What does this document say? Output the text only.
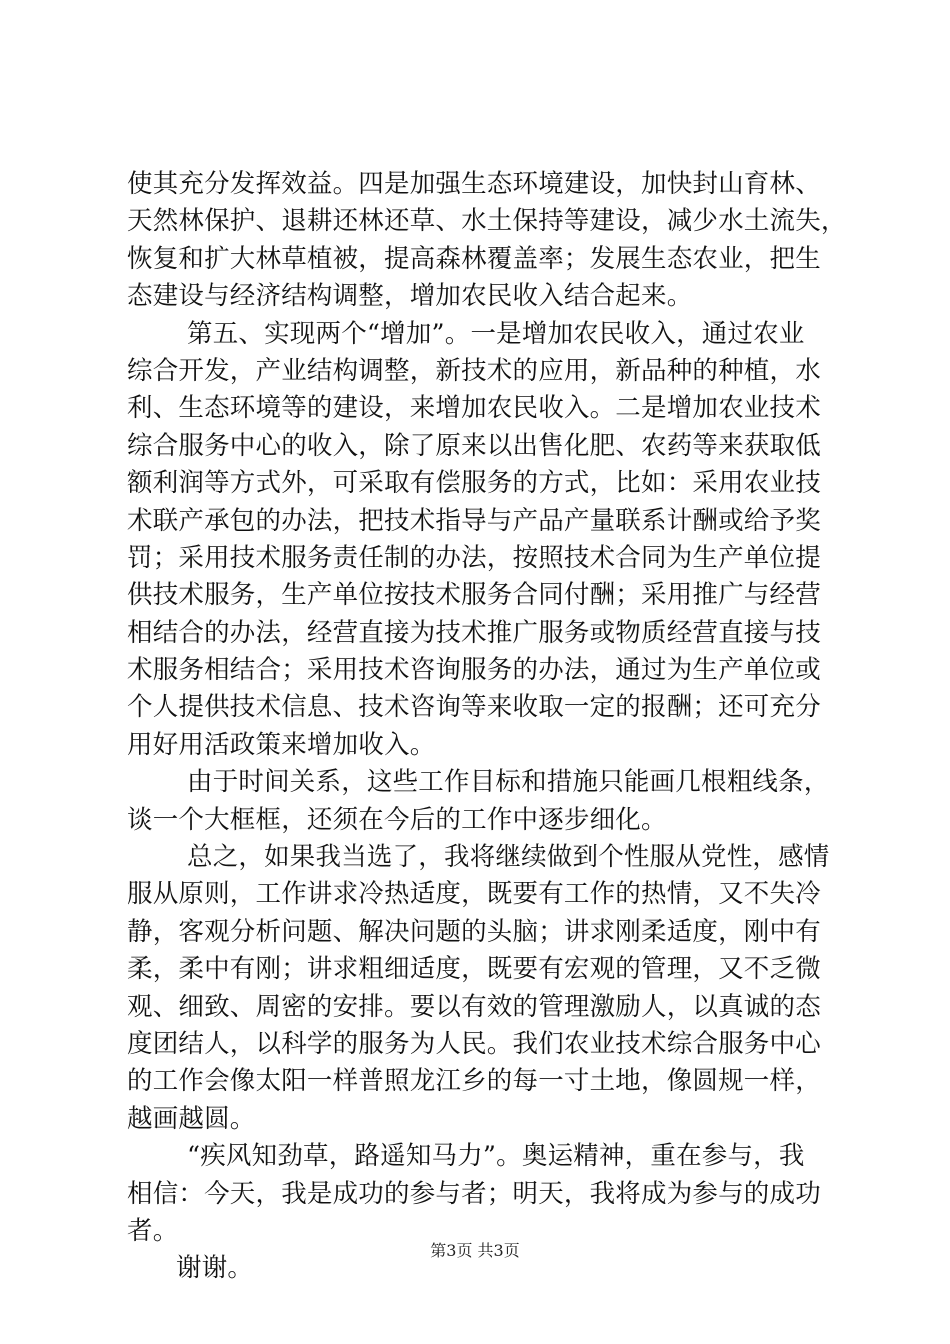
使其充分发挥效益。四是加强生态环境建设，加快封山育林、
天然林保护、退耕还林还草、水土保持等建设，减少水土流失，
恢复和扩大林草植被，提高森林覆盖率；发展生态农业，把生
态建设与经济结构调整，增加农民收入结合起来。
第五、实现两个“增加”。一是增加农民收入，通过农业
综合开发，产业结构调整，新技术的应用，新品种的种植，水
利、生态环境等的建设，来增加农民收入。二是增加农业技术
综合服务中心的收入，除了原来以出售化肥、农药等来获取低
额利润等方式外，可采取有偿服务的方式，比如：采用农业技
术联产承包的办法，把技术指导与产品产量联系计酬或给予奖
罚；采用技术服务责任制的办法，按照技术合同为生产单位提
供技术服务，生产单位按技术服务合同付酬；采用推广与经营
相结合的办法，经营直接为技术推广服务或物质经营直接与技
术服务相结合；采用技术咨询服务的办法，通过为生产单位或
个人提供技术信息、技术咨询等来收取一定的报酬；还可充分
用好用活政策来增加收入。
由于时间关系，这些工作目标和措施只能画几根粗线条，
谈一个大框框，还须在今后的工作中逐步细化。
总之，如果我当选了，我将继续做到个性服从党性，感情
服从原则，工作讲求冷热适度，既要有工作的热情，又不失冷
静，客观分析问题、解决问题的头脑；讲求刚柔适度，刚中有
柔，柔中有刚；讲求粗细适度，既要有宏观的管理，又不乏微
观、细致、周密的安排。要以有效的管理激励人，以真诚的态
度团结人，以科学的服务为人民。我们农业技术综合服务中心
的工作会像太阳一样普照龙江乡的每一寸土地，像圆规一样，
越画越圆。
“疾风知劲草，路遥知马力”。奥运精神，重在参与，我
相信：今天，我是成功的参与者；明天，我将成为参与的成功
者。
谢谢。
第3页 共3页
